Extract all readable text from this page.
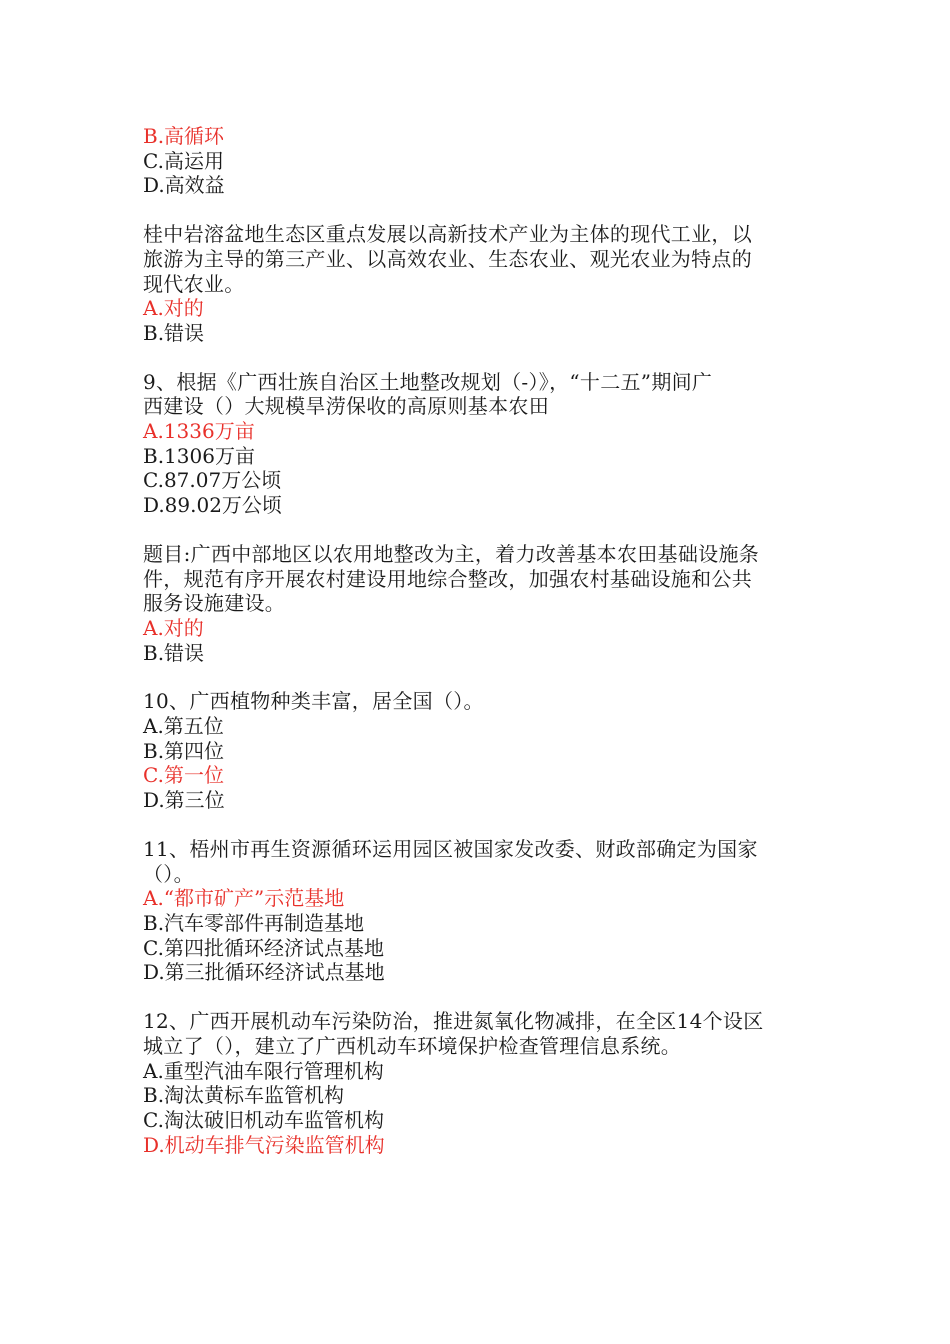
B.高循环
C.高运用
D.高效益
桂中岩溶盆地生态区重点发展以高新技术产业为主体的现代工业，以
旅游为主导的第三产业、以高效农业、生态农业、观光农业为特点的
现代农业。
A.对的
B.错误
9、根据《广西壮族自治区土地整改规划（-）》，“十二五”期间广
西建设（）大规模旱涝保收的高原则基本农田
A.1336万亩
B.1306万亩
C.87.07万公顷
D.89.02万公顷
题目:广西中部地区以农用地整改为主，着力改善基本农田基础设施条
件，规范有序开展农村建设用地综合整改，加强农村基础设施和公共
服务设施建设。
A.对的
B.错误
10、广西植物种类丰富，居全国（）。
A.第五位
B.第四位
C.第一位
D.第三位
11、梧州市再生资源循环运用园区被国家发改委、财政部确定为国家
（）。
A.“都市矿产”示范基地
B.汽车零部件再制造基地
C.第四批循环经济试点基地
D.第三批循环经济试点基地
12、广西开展机动车污染防治，推进氮氧化物减排，在全区14个设区
城立了（），建立了广西机动车环境保护检查管理信息系统。
A.重型汽油车限行管理机构
B.淘汰黄标车监管机构
C.淘汰破旧机动车监管机构
D.机动车排气污染监管机构
